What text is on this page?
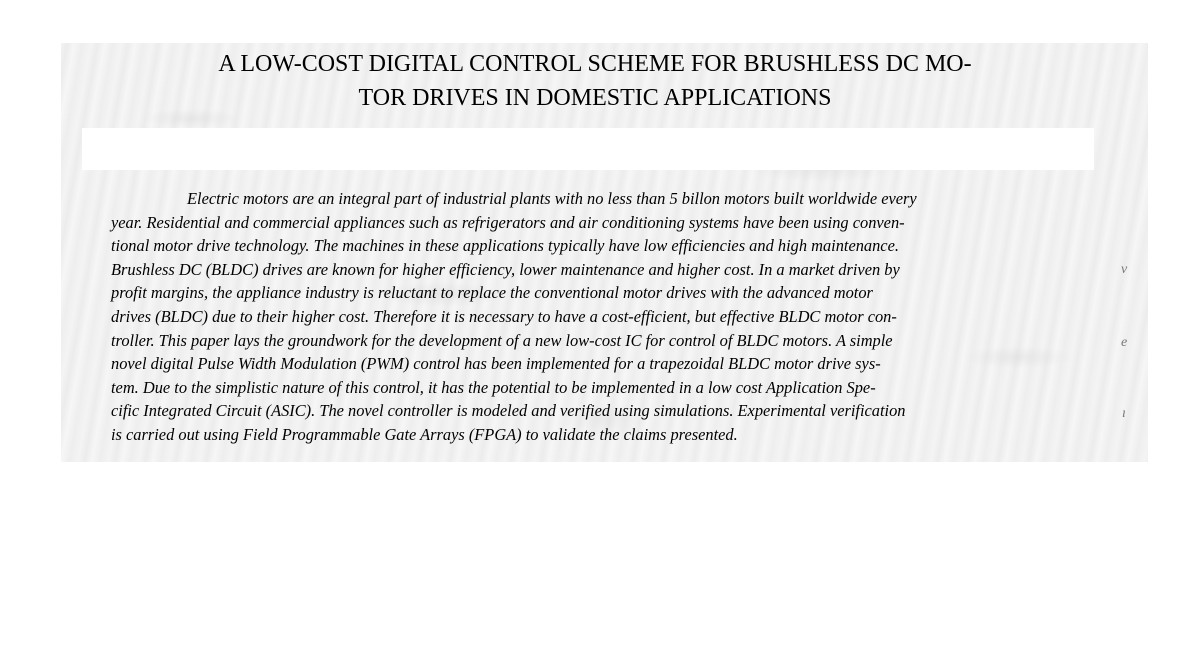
A LOW-COST DIGITAL CONTROL SCHEME FOR BRUSHLESS DC MO-
TOR DRIVES IN DOMESTIC APPLICATIONS

Electric motors are an integral part of industrial plants with no less than 5 billon motors built worldwide every
year. Residential and commercial appliances such as refrigerators and air conditioning systems have been using conven-
tional motor drive technology. The machines in these applications typically have low efficiencies and high maintenance.
Brushless DC (BLDC) drives are known for higher efficiency, lower maintenance and higher cost. In a market driven by
profit margins, the appliance industry is reluctant to replace the conventional motor drives with the advanced motor
drives (BLDC) due to their higher cost. Therefore it is necessary to have a cost-efficient, but effective BLDC motor con-
troller. This paper lays the groundwork for the development of a new low-cost IC for control of BLDC motors. A simple
novel digital Pulse Width Modulation (PWM) control has been implemented for a trapezoidal BLDC motor drive sys-
tem. Due to the simplistic nature of this control, it has the potential to be implemented in a low cost Application Spe-
cific Integrated Circuit (ASIC). The novel controller is modeled and verified using simulations. Experimental verification
is carried out using Field Programmable Gate Arrays (FPGA) to validate the claims presented.

v
e
ı
